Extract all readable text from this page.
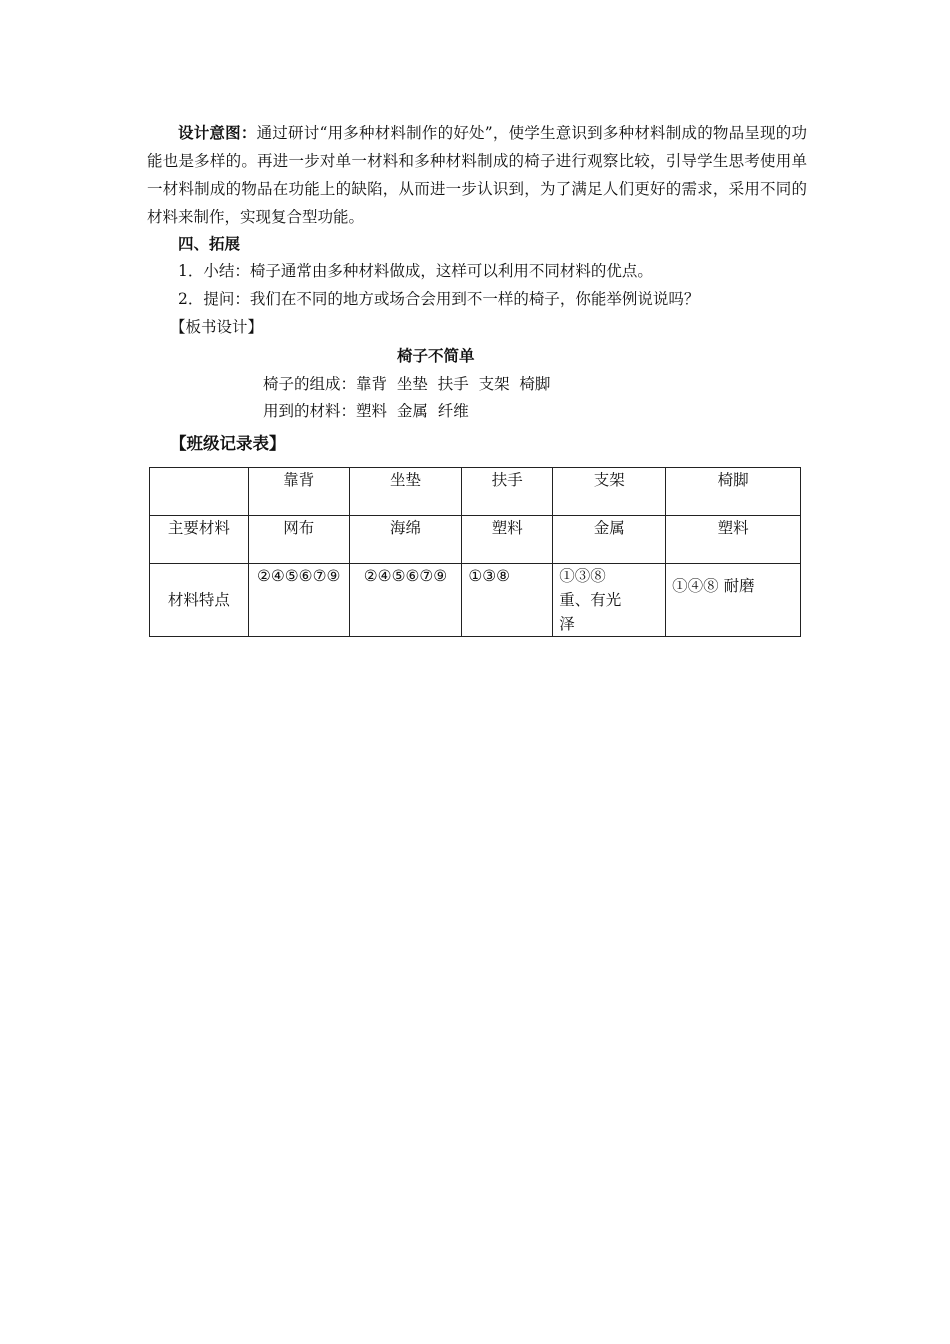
设计意图：通过研讨“用多种材料制作的好处”，使学生意识到多种材料制成的物品呈现的功能也是多样的。再进一步对单一材料和多种材料制成的椅子进行观察比较，引导学生思考使用单一材料制成的物品在功能上的缺陷，从而进一步认识到，为了满足人们更好的需求，采用不同的材料来制作，实现复合型功能。
四、拓展
1．小结：椅子通常由多种材料做成，这样可以利用不同材料的优点。
2．提问：我们在不同的地方或场合会用到不一样的椅子，你能举例说说吗？
【板书设计】
椅子不简单
椅子的组成：靠背  坐垫  扶手  支架  椅脚
用到的材料：塑料  金属  纤维
【班级记录表】
	靠背	坐垫	扶手	支架	椅脚
主要材料	网布	海绵	塑料	金属	塑料
材料特点	②④⑤⑥⑦⑨	②④⑤⑥⑦⑨	①③⑧	①③⑧ 重、有光泽	①④⑧ 耐磨
